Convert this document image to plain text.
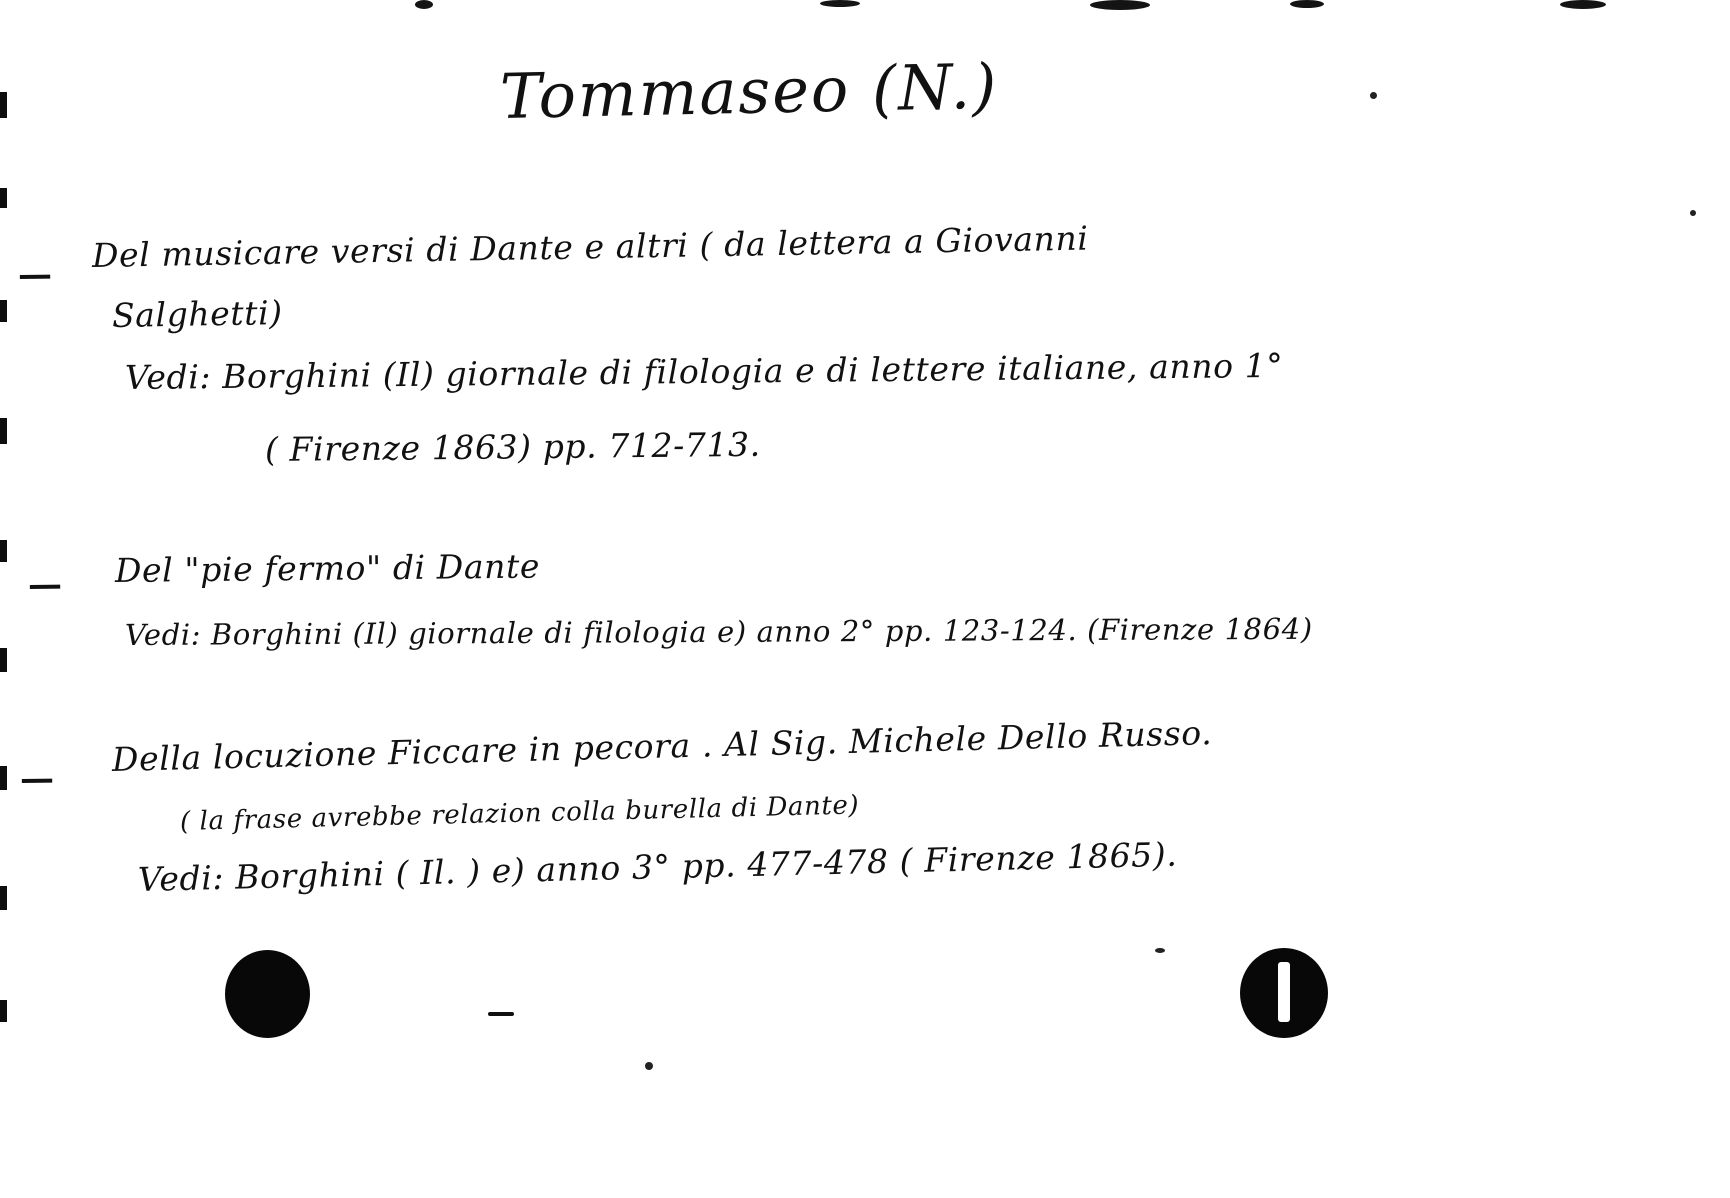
Tommaseo (N.)
— Del musicare versi di Dante e altri ( da lettera a Giovanni
Salghetti)
Vedi: Borghini (Il) giornale di filologia e di lettere italiane, anno 1°
( Firenze 1863) pp. 712-713.
— Del "pie fermo" di Dante
Vedi: Borghini (Il) giornale di filologia e) anno 2° pp. 123-124. (Firenze 1864)
— Della locuzione Ficcare in pecora . Al Sig. Michele Dello Russo.
( la frase avrebbe relazion colla burella di Dante)
Vedi: Borghini ( Il. ) e) anno 3° pp. 477-478 ( Firenze 1865).
